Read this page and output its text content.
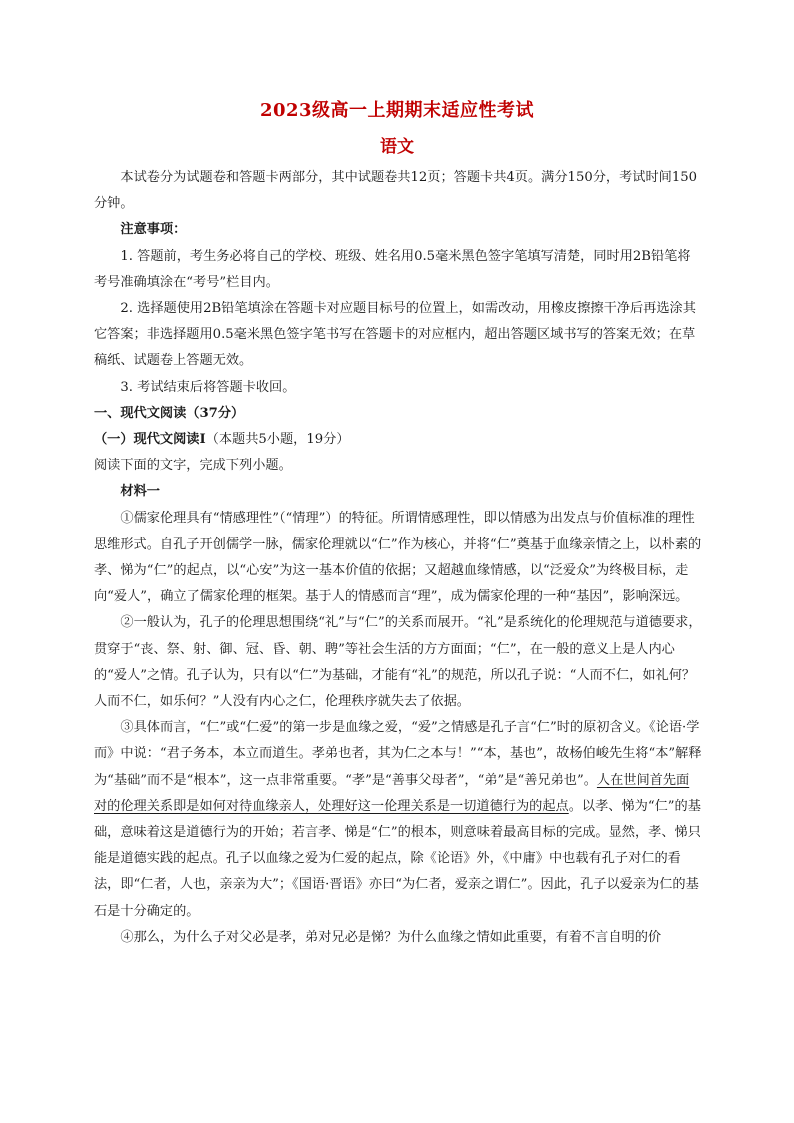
2023级高一上期期末适应性考试
语文

本试卷分为试题卷和答题卡两部分，其中试题卷共12页；答题卡共4页。满分150分，考试时间150分钟。

注意事项：

1. 答题前，考生务必将自己的学校、班级、姓名用0.5毫米黑色签字笔填写清楚，同时用2B铅笔将考号准确填涂在“考号”栏目内。

2. 选择题使用2B铅笔填涂在答题卡对应题目标号的位置上，如需改动，用橡皮擦擦干净后再选涂其它答案；非选择题用0.5毫米黑色签字笔书写在答题卡的对应框内，超出答题区域书写的答案无效；在草稿纸、试题卷上答题无效。

3. 考试结束后将答题卡收回。

一、现代文阅读（37分）

（一）现代文阅读Ⅰ（本题共5小题，19分）

阅读下面的文字，完成下列小题。

材料一

①儒家伦理具有“情感理性”（“情理”）的特征。所谓情感理性，即以情感为出发点与价值标准的理性思维形式。自孔子开创儒学一脉，儒家伦理就以“仁”作为核心，并将“仁”奠基于血缘亲情之上，以朴素的孝、悌为“仁”的起点，以“心安”为这一基本价值的依据；又超越血缘情感，以“泛爱众”为终极目标，走向“爱人”，确立了儒家伦理的框架。基于人的情感而言“理”，成为儒家伦理的一种“基因”，影响深远。

②一般认为，孔子的伦理思想围绕“礼”与“仁”的关系而展开。“礼”是系统化的伦理规范与道德要求，贯穿于“丧、祭、射、御、冠、昏、朝、聘”等社会生活的方方面面；“仁”，在一般的意义上是人内心的“爱人”之情。孔子认为，只有以“仁”为基础，才能有“礼”的规范，所以孔子说：“人而不仁，如礼何？人而不仁，如乐何？”人没有内心之仁，伦理秩序就失去了依据。

③具体而言，“仁”或“仁爱”的第一步是血缘之爱，“爱”之情感是孔子言“仁”时的原初含义。《论语·学而》中说：“君子务本，本立而道生。孝弟也者，其为仁之本与！”“本，基也”，故杨伯峻先生将“本”解释为“基础”而不是“根本”，这一点非常重要。“孝”是“善事父母者”，“弟”是“善兄弟也”。人在世间首先面对的伦理关系即是如何对待血缘亲人，处理好这一伦理关系是一切道德行为的起点。以孝、悌为“仁”的基础，意味着这是道德行为的开始；若言孝、悌是“仁”的根本，则意味着最高目标的完成。显然，孝、悌只能是道德实践的起点。孔子以血缘之爱为仁爱的起点，除《论语》外，《中庸》中也载有孔子对仁的看法，即“仁者，人也，亲亲为大”；《国语·晋语》亦曰“为仁者，爱亲之谓仁”。因此，孔子以爱亲为仁的基石是十分确定的。

④那么，为什么子对父必是孝，弟对兄必是悌？为什么血缘之情如此重要，有着不言自明的价
